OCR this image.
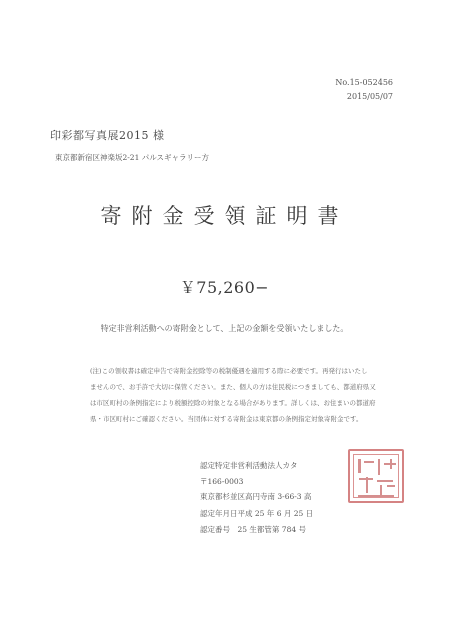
No.15-052456
2015/05/07
印彩都写真展2015 様
東京都新宿区神楽坂2-21 パルスギャラリー方
寄附金受領証明書
￥75,260−
特定非営利活動への寄附金として、上記の金額を受領いたしました。
(注)この領収書は確定申告で寄附金控除等の税制優遇を適用する際に必要です。再発行はいたし
ませんので、お手許で大切に保管ください。また、個人の方は住民税につきましても、都道府県又
は市区町村の条例指定により税額控除の対象となる場合があります。詳しくは、お住まいの都道府
県・市区町村にご確認ください。当団体に対する寄附金は東京都の条例指定対象寄附金です。
認定特定非営利活動法人カタ
〒166-0003
東京都杉並区高円寺南 3-66-3 高
認定年月日平成 25 年 6 月 25 日
認定番号　25 生都管第 784 号
